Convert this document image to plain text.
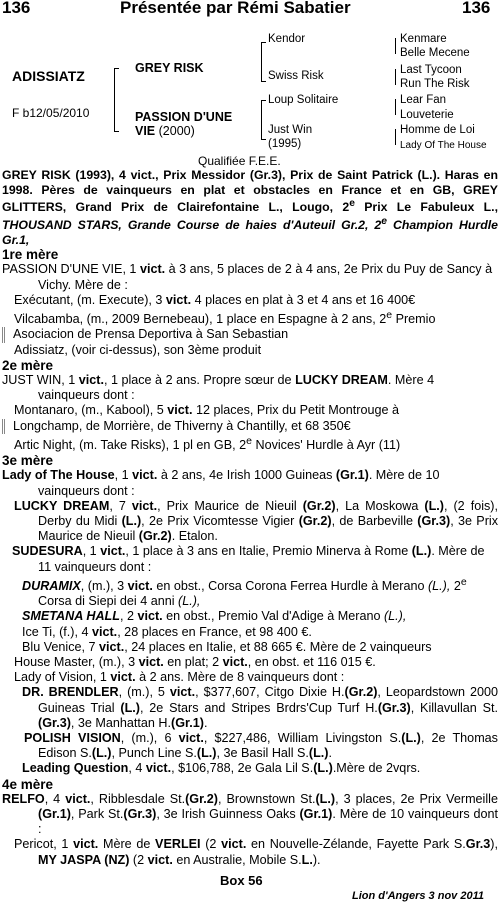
136	Présentée par Rémi Sabatier	136
ADISSIATZ
F b12/05/2010
GREY RISK
PASSION D'UNE
VIE (2000)
Kendor
Swiss Risk
Loup Solitaire
Just Win
(1995)
Kenmare
Belle Mecene
Last Tycoon
Run The Risk
Lear Fan
Louveterie
Homme de Loi
Lady Of The House
Qualifiée F.E.E.

GREY RISK (1993), 4 vict., Prix Messidor (Gr.3), Prix de Saint Patrick (L.). Haras en 1998. Pères de vainqueurs en plat et obstacles en France et en GB, GREY GLITTERS, Grand Prix de Clairefontaine L., Lougo, 2e Prix Le Fabuleux L., THOUSAND STARS, Grande Course de haies d'Auteuil Gr.2, 2e Champion Hurdle Gr.1,

1re mère

PASSION D'UNE VIE, 1 vict. à 3 ans, 5 places de 2 à 4 ans, 2e Prix du Puy de Sancy à Vichy. Mère de :

Exécutant, (m. Execute), 3 vict. 4 places en plat à 3 et 4 ans et 16 400€

Vilcabamba, (m., 2009 Bernebeau), 1 place en Espagne à 2 ans, 2e Premio

Asociacion de Prensa Deportiva à San Sebastian

Adissiatz, (voir ci-dessus), son 3ème produit

2e mère

JUST WIN, 1 vict., 1 place à 2 ans. Propre sœur de LUCKY DREAM. Mère 4 vainqueurs dont :

Montanaro, (m., Kabool), 5 vict. 12 places, Prix du Petit Montrouge à

Longchamp, de Morrière, de Thiverny à Chantilly, et 68 350€

Artic Night, (m. Take Risks), 1 pl en GB, 2e Novices' Hurdle à Ayr (11)

3e mère

Lady of The House, 1 vict. à 2 ans, 4e Irish 1000 Guineas (Gr.1). Mère de 10 vainqueurs dont :

LUCKY DREAM, 7 vict., Prix Maurice de Nieuil (Gr.2), La Moskowa (L.), (2 fois), Derby du Midi (L.), 2e Prix Vicomtesse Vigier (Gr.2), de Barbeville (Gr.3), 3e Prix Maurice de Nieuil (Gr.2). Etalon.

SUDESURA, 1 vict., 1 place à 3 ans en Italie, Premio Minerva à Rome (L.). Mère de 11 vainqueurs dont :

DURAMIX, (m.), 3 vict. en obst., Corsa Corona Ferrea Hurdle à Merano (L.), 2e Corsa di Siepi dei 4 anni (L.),

SMETANA HALL, 2 vict. en obst., Premio Val d'Adige à Merano (L.),

Ice Ti, (f.), 4 vict., 28 places en France, et 98 400 €.

Blu Venice, 7 vict., 24 places en Italie, et 88 665 €. Mère de 2 vainqueurs

House Master, (m.), 3 vict. en plat; 2 vict., en obst. et 116 015 €.

Lady of Vision, 1 vict. à 2 ans. Mère de 8 vainqueurs dont :

DR. BRENDLER, (m.), 5 vict., $377,607, Citgo Dixie H.(Gr.2), Leopardstown 2000 Guineas Trial (L.), 2e Stars and Stripes Brdrs'Cup Turf H.(Gr.3), Killavullan St.(Gr.3), 3e Manhattan H.(Gr.1).

POLISH VISION, (m.), 6 vict., $227,486, William Livingston S.(L.), 2e Thomas Edison S.(L.), Punch Line S.(L.), 3e Basil Hall S.(L.).

Leading Question, 4 vict., $106,788, 2e Gala Lil S.(L.).Mère de 2vqrs.

4e mère

RELFO, 4 vict., Ribblesdale St.(Gr.2), Brownstown St.(L.), 3 places, 2e Prix Vermeille (Gr.1), Park St.(Gr.3), 3e Irish Guinness Oaks (Gr.1). Mère de 10 vainqueurs dont :

Pericot, 1 vict. Mère de VERLEI (2 vict. en Nouvelle-Zélande, Fayette Park S.Gr.3), MY JASPA (NZ) (2 vict. en Australie, Mobile S.L.).

Box 56
Lion d'Angers 3 nov 2011
